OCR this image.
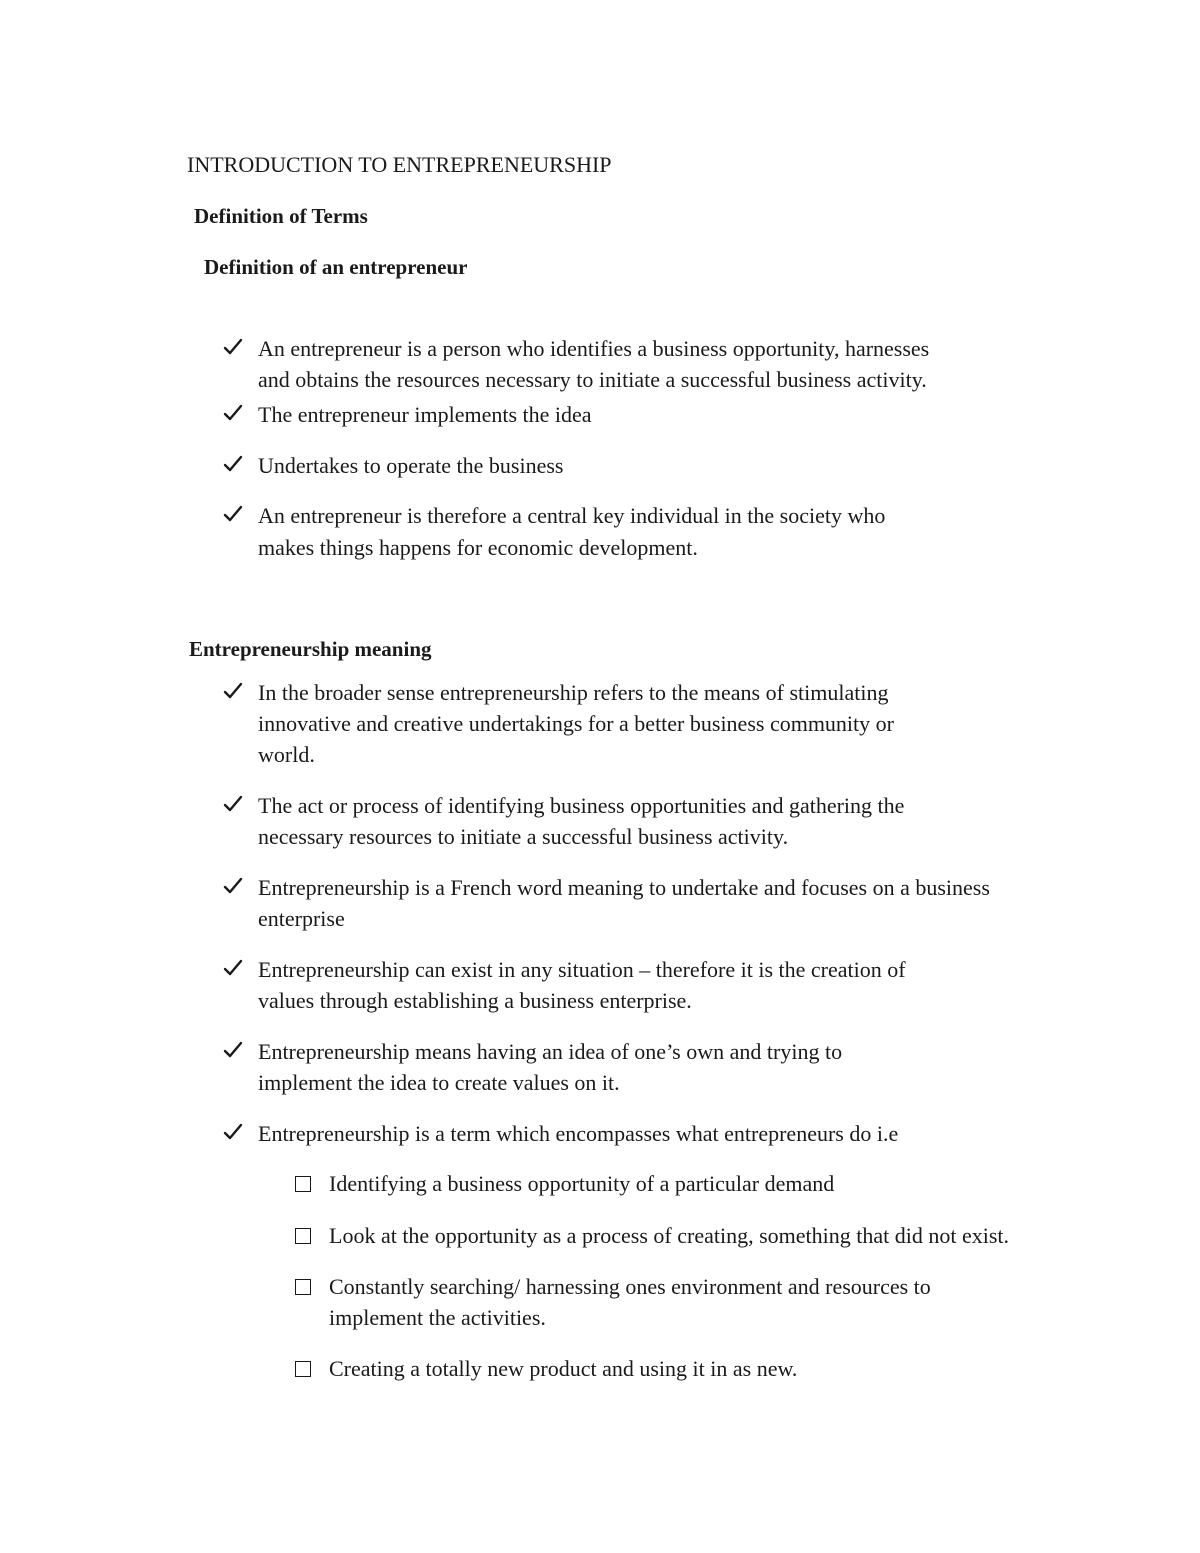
INTRODUCTION TO ENTREPRENEURSHIP
Definition of Terms
Definition of an entrepreneur
An entrepreneur is a person who identifies a business opportunity, harnesses
and obtains the resources necessary to initiate a successful business activity.
The entrepreneur implements the idea
Undertakes to operate the business
An entrepreneur is therefore a central key individual in the society who
makes things happens for economic development.
Entrepreneurship meaning
In the broader sense entrepreneurship refers to the means of stimulating
innovative and creative undertakings for a better business community or
world.
The act or process of identifying business opportunities and gathering the
necessary resources to initiate a successful business activity.
Entrepreneurship is a French word meaning to undertake and focuses on a business
enterprise
Entrepreneurship can exist in any situation – therefore it is the creation of
values through establishing a business enterprise.
Entrepreneurship means having an idea of one’s own and trying to
implement the idea to create values on it.
Entrepreneurship is a term which encompasses what entrepreneurs do i.e
Identifying a business opportunity of a particular demand
Look at the opportunity as a process of creating, something that did not exist.
Constantly searching/ harnessing ones environment and resources to
implement the activities.
Creating a totally new product and using it in as new.
